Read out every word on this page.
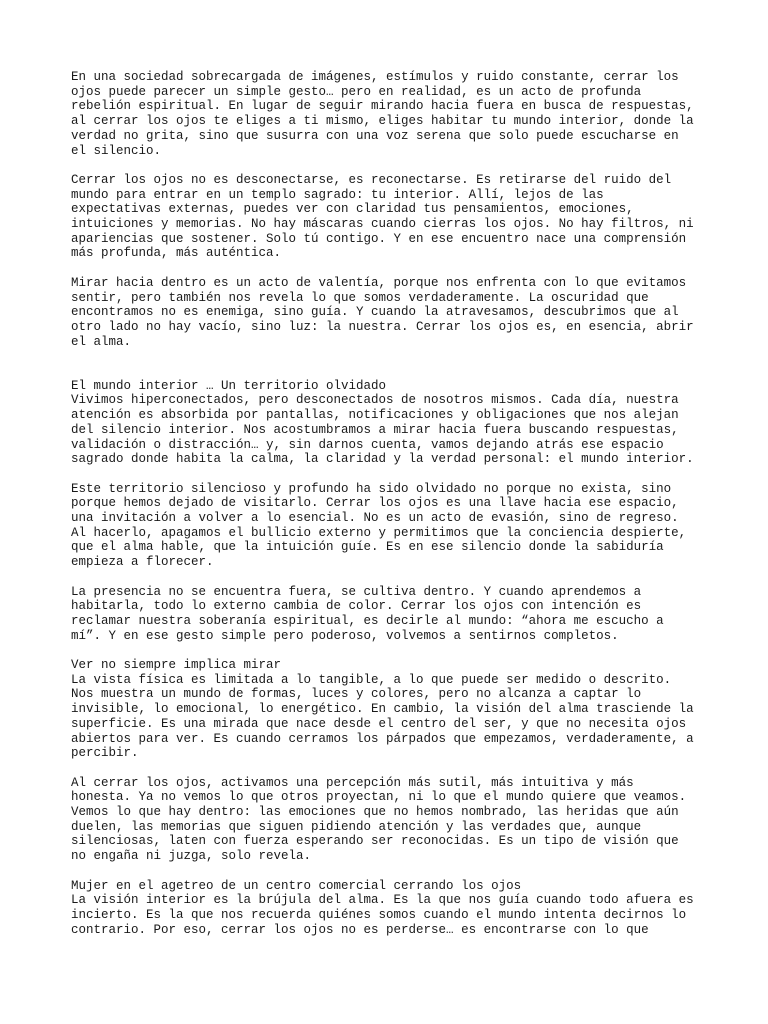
En una sociedad sobrecargada de imágenes, estímulos y ruido constante, cerrar los
ojos puede parecer un simple gesto… pero en realidad, es un acto de profunda
rebelión espiritual. En lugar de seguir mirando hacia fuera en busca de respuestas,
al cerrar los ojos te eliges a ti mismo, eliges habitar tu mundo interior, donde la
verdad no grita, sino que susurra con una voz serena que solo puede escucharse en
el silencio.

Cerrar los ojos no es desconectarse, es reconectarse. Es retirarse del ruido del
mundo para entrar en un templo sagrado: tu interior. Allí, lejos de las
expectativas externas, puedes ver con claridad tus pensamientos, emociones,
intuiciones y memorias. No hay máscaras cuando cierras los ojos. No hay filtros, ni
apariencias que sostener. Solo tú contigo. Y en ese encuentro nace una comprensión
más profunda, más auténtica.

Mirar hacia dentro es un acto de valentía, porque nos enfrenta con lo que evitamos
sentir, pero también nos revela lo que somos verdaderamente. La oscuridad que
encontramos no es enemiga, sino guía. Y cuando la atravesamos, descubrimos que al
otro lado no hay vacío, sino luz: la nuestra. Cerrar los ojos es, en esencia, abrir
el alma.

El mundo interior … Un territorio olvidado

Vivimos hiperconectados, pero desconectados de nosotros mismos. Cada día, nuestra
atención es absorbida por pantallas, notificaciones y obligaciones que nos alejan
del silencio interior. Nos acostumbramos a mirar hacia fuera buscando respuestas,
validación o distracción… y, sin darnos cuenta, vamos dejando atrás ese espacio
sagrado donde habita la calma, la claridad y la verdad personal: el mundo interior.

Este territorio silencioso y profundo ha sido olvidado no porque no exista, sino
porque hemos dejado de visitarlo. Cerrar los ojos es una llave hacia ese espacio,
una invitación a volver a lo esencial. No es un acto de evasión, sino de regreso.
Al hacerlo, apagamos el bullicio externo y permitimos que la conciencia despierte,
que el alma hable, que la intuición guíe. Es en ese silencio donde la sabiduría
empieza a florecer.

La presencia no se encuentra fuera, se cultiva dentro. Y cuando aprendemos a
habitarla, todo lo externo cambia de color. Cerrar los ojos con intención es
reclamar nuestra soberanía espiritual, es decirle al mundo: “ahora me escucho a
mí”. Y en ese gesto simple pero poderoso, volvemos a sentirnos completos.

Ver no siempre implica mirar

La vista física es limitada a lo tangible, a lo que puede ser medido o descrito.
Nos muestra un mundo de formas, luces y colores, pero no alcanza a captar lo
invisible, lo emocional, lo energético. En cambio, la visión del alma trasciende la
superficie. Es una mirada que nace desde el centro del ser, y que no necesita ojos
abiertos para ver. Es cuando cerramos los párpados que empezamos, verdaderamente, a
percibir.

Al cerrar los ojos, activamos una percepción más sutil, más intuitiva y más
honesta. Ya no vemos lo que otros proyectan, ni lo que el mundo quiere que veamos.
Vemos lo que hay dentro: las emociones que no hemos nombrado, las heridas que aún
duelen, las memorias que siguen pidiendo atención y las verdades que, aunque
silenciosas, laten con fuerza esperando ser reconocidas. Es un tipo de visión que
no engaña ni juzga, solo revela.

Mujer en el agetreo de un centro comercial cerrando los ojos

La visión interior es la brújula del alma. Es la que nos guía cuando todo afuera es
incierto. Es la que nos recuerda quiénes somos cuando el mundo intenta decirnos lo
contrario. Por eso, cerrar los ojos no es perderse… es encontrarse con lo que
